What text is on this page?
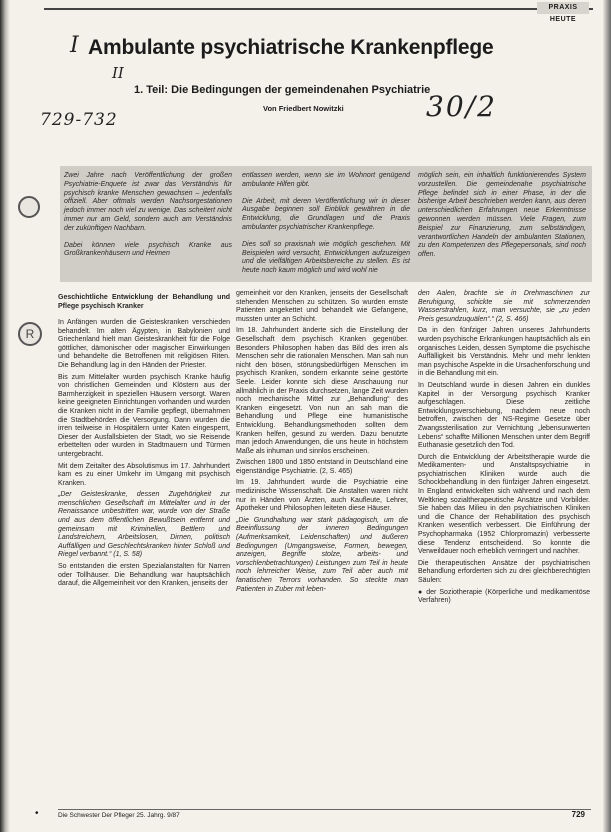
PRAXIS HEUTE
I Ambulante psychiatrische Krankenpflege
II
1. Teil: Die Bedingungen der gemeindenahen Psychiatrie
Von Friedbert Nowitzki
729-732	30/2
R

Zwei Jahre nach Veröffentlichung der großen Psychiatrie-Enquete ist zwar das Verständnis für psychisch kranke Menschen gewachsen – jedenfalls offiziell. Aber oftmals werden Nachsorgestationen jedoch immer noch viel zu wenige. Das scheitert nicht immer nur am Geld, sondern auch am Verständnis der zukünftigen Nachbarn.

Dabei können viele psychisch Kranke aus Großkrankenhäusern und Heimen

entlassen werden, wenn sie im Wohnort genügend ambulante Hilfen gibt.

Die Arbeit, mit deren Veröffentlichung wir in dieser Ausgabe beginnen soll Einblick gewähren in die Entwicklung, die Grundlagen und die Praxis ambulanter psychiatrischer Krankenpflege.

Dies soll so praxisnah wie möglich geschehen. Mit Beispielen wird versucht, Entwicklungen aufzuzeigen und die vielfältigen Arbeitsbereiche zu stellen. Es ist heute noch kaum möglich und wird wohl nie

möglich sein, ein inhaltlich funktionierendes System vorzustellen. Die gemeindenahe psychiatrische Pflege befindet sich in einer Phase, in der die bisherige Arbeit beschrieben werden kann, aus deren unterschiedlichen Erfahrungen neue Erkenntnisse gewonnen werden müssen. Viele Fragen, zum Beispiel zur Finanzierung, zum selbständigen, verantwortlichen Handeln der ambulanten Stationen, zu den Kompetenzen des Pflegepersonals, sind noch offen.

Geschichtliche Entwicklung der Behandlung und Pflege psychisch Kranker

In Anfängen wurden die Geisteskranken verschieden behandelt. Im alten Ägypten, in Babylonien und Griechenland hielt man Geisteskrankheit für die Folge göttlicher, dämonischer oder magischer Einwirkungen und behandelte die Betroffenen mit religiösen Riten. Die Behandlung lag in den Händen der Priester.

Bis zum Mittelalter wurden psychisch Kranke häufig von christlichen Gemeinden und Klöstern aus der Barmherzigkeit in speziellen Häusern versorgt. Waren keine geeigneten Einrichtungen vorhanden und wurden die Kranken nicht in der Familie gepflegt, übernahmen die Stadtbehörden die Versorgung. Dann wurden die irren teilweise in Hospitälern unter Katen eingesperrt, Dieser der Ausfallsbieten der Stadt, wo sie Reisende erbettelten oder wurden in Stadtmauern und Türmen untergebracht.

Mit dem Zeitalter des Absolutismus im 17. Jahrhundert kam es zu einer Umkehr im Umgang mit psychisch Kranken.

„Der Geisteskranke, dessen Zugehörigkeit zur menschlichen Gesellschaft im Mittelalter und in der Renaissance unbestritten war, wurde von der Straße und aus dem öffentlichen Bewußtsein entfernt und gemeinsam mit Kriminellen, Bettlern und Landstreichern, Arbeitslosen, Dirnen, politisch Auffälligen und Geschlechtskranken hinter Schloß und Riegel verbannt.“ (1, S. 58)

So entstanden die ersten Spezialanstalten für Narren oder Tollhäuser. Die Behandlung war hauptsächlich darauf, die Allgemeinheit vor den Kranken, jenseits der

gemeinheit vor den Kranken, jenseits der Gesellschaft stehenden Menschen zu schützen. So wurden ernste Patienten angekettet und behandelt wie Gefangene, mussten unter an Schicht.

Im 18. Jahrhundert änderte sich die Einstellung der Gesellschaft dem psychisch Kranken gegenüber. Besonders Philosophen haben das Bild des irren als Menschen sehr die rationalen Menschen. Man sah nun nicht den bösen, störungsbedürftigen Menschen im psychisch Kranken, sondern erkannte seine gestörte Seele. Leider konnte sich diese Anschauung nur allmählich in der Praxis durchsetzen, lange Zeit wurden noch mechanische Mittel zur „Behandlung“ des Kranken eingesetzt. Von nun an sah man die Behandlung und Pflege eine humanistische Entwicklung. Behandlungsmethoden sollten dem Kranken helfen, gesund zu werden. Dazu benutzte man jedoch Anwendungen, die uns heute in höchstem Maße als inhuman und sinnlos erscheinen.

Zwischen 1800 und 1850 entstand in Deutschland eine eigenständige Psychiatrie. (2, S. 465)

Im 19. Jahrhundert wurde die Psychiatrie eine medizinische Wissenschaft. Die Anstalten waren nicht nur in Händen von Ärzten, auch Kaufleute, Lehrer, Apotheker und Philosophen leiteten diese Häuser.

„Die Grundhaltung war stark pädagogisch, um die Beeinflussung der inneren Bedingungen (Aufmerksamkeit, Leidenschaften) und äußeren Bedingungen (Umgangsweise, Formen, bewegen, anzeigen, Begriffe stolze, arbeits- und vorschlenbetrachtungen) Leistungen zum Teil in heute noch lehrreicher Weise, zum Teil aber auch mit fanatischen Terrors vorhanden. So steckte man Patienten in Zuber mit leben-

den Aalen, brachte sie in Drehmaschinen zur Beruhigung, schickte sie mit schmerzenden Wasserstrahlen, kurz, man versuchte, sie „zu jeden Preis gesundzuquälen“.“ (2, S. 466)

Da in den fünfziger Jahren unseres Jahrhunderts wurden psychische Erkrankungen hauptsächlich als ein organisches Leiden, dessen Symptome die psychische Auffälligkeit bis Verständnis. Mehr und mehr lenkten man psychische Aspekte in die Ursachenforschung und in die Behandlung mit ein.

In Deutschland wurde in diesen Jahren ein dunkles Kapitel in der Versorgung psychisch Kranker aufgeschlagen. Diese zeitliche Entwicklungsverschiebung, nachdem neue noch betroffen, zwischen der NS-Regime Gesetze über Zwangssterilisation zur Vernichtung „lebensunwerten Lebens“ schaffte Millionen Menschen unter dem Begriff Euthanasie gesetzlich den Tod.

Durch die Entwicklung der Arbeitstherapie wurde die Medikamenten- und Anstaltspsychiatrie in psychiatrischen Kliniken wurde auch die Schockbehandlung in den fünfziger Jahren eingesetzt. In England entwickelten sich während und nach dem Weltkrieg sozialtherapeutische Ansätze und Vorbilder. Sie haben das Milieu in den psychiatrischen Kliniken und die Chance der Rehabilitation des psychisch Kranken wesentlich verbessert. Die Einführung der Psychopharmaka (1952 Chlorpromazin) verbesserte diese Tendenz entscheidend. So konnte die Verweildauer noch erheblich verringert und nachher.

Die therapeutischen Ansätze der psychiatrischen Behandlung erforderten sich zu drei gleichberechtigten Säulen:

● der Soziotherapie (Körperliche und medikamentöse Verfahren)

•	Die Schwester Der Pfleger 25. Jahrg. 9/87	729
